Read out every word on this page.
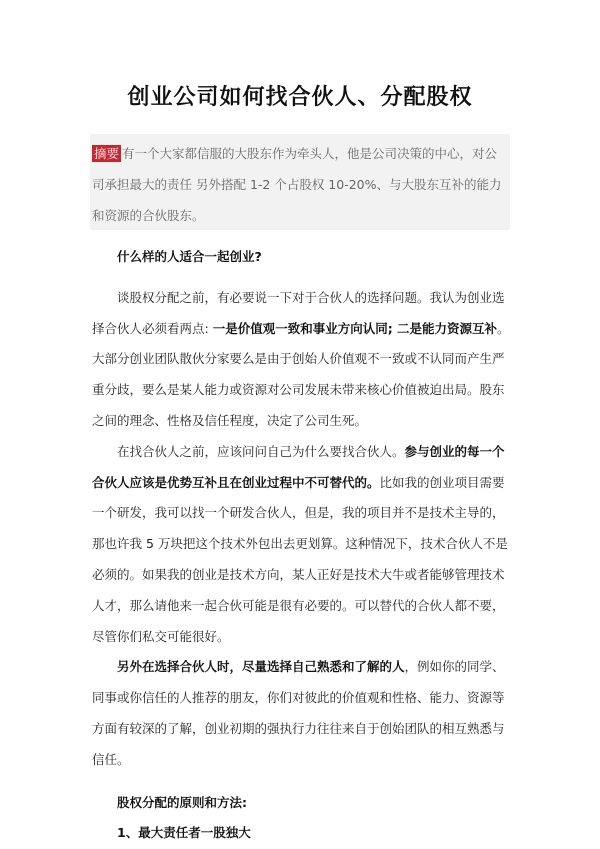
创业公司如何找合伙人、分配股权
摘要 有一个大家都信服的大股东作为牵头人，他是公司决策的中心，对公司承担最大的责任 另外搭配 1-2 个占股权 10-20%、与大股东互补的能力和资源的合伙股东。

什么样的人适合一起创业?

谈股权分配之前，有必要说一下对于合伙人的选择问题。我认为创业选择合伙人必须看两点: 一是价值观一致和事业方向认同; 二是能力资源互补。大部分创业团队散伙分家要么是由于创始人价值观不一致或不认同而产生严重分歧，要么是某人能力或资源对公司发展未带来核心价值被迫出局。股东之间的理念、性格及信任程度，决定了公司生死。

在找合伙人之前，应该问问自己为什么要找合伙人。参与创业的每一个合伙人应该是优势互补且在创业过程中不可替代的。比如我的创业项目需要一个研发，我可以找一个研发合伙人，但是，我的项目并不是技术主导的，那也许我 5 万块把这个技术外包出去更划算。这种情况下，技术合伙人不是必须的。如果我的创业是技术方向，某人正好是技术大牛或者能够管理技术人才，那么请他来一起合伙可能是很有必要的。可以替代的合伙人都不要，尽管你们私交可能很好。

另外在选择合伙人时，尽量选择自己熟悉和了解的人，例如你的同学、同事或你信任的人推荐的朋友，你们对彼此的价值观和性格、能力、资源等方面有较深的了解，创业初期的强执行力往往来自于创始团队的相互熟悉与信任。

股权分配的原则和方法:

1、最大责任者一股独大
